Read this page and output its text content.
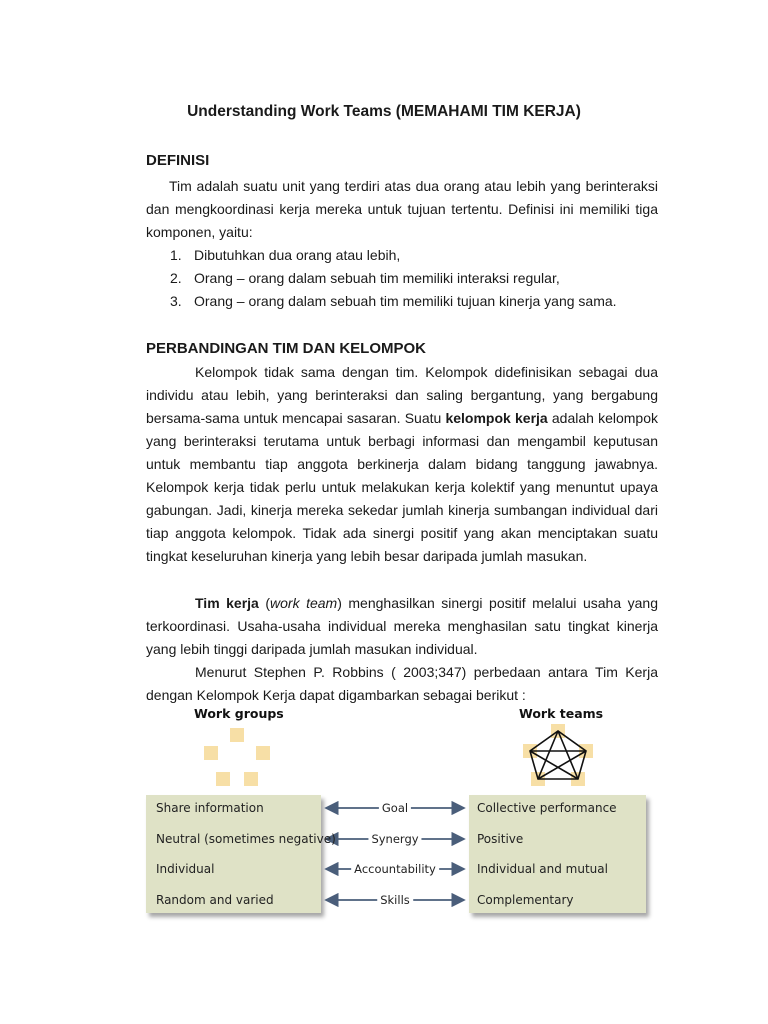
Understanding Work Teams (MEMAHAMI TIM KERJA)
DEFINISI

Tim adalah suatu unit yang terdiri atas dua orang atau lebih yang berinteraksi dan mengkoordinasi kerja mereka untuk tujuan tertentu. Definisi ini memiliki tiga komponen, yaitu:

1. Dibutuhkan dua orang atau lebih,
2. Orang – orang dalam sebuah tim memiliki interaksi regular,
3. Orang – orang dalam sebuah tim memiliki tujuan kinerja yang sama.
PERBANDINGAN TIM DAN KELOMPOK

Kelompok tidak sama dengan tim. Kelompok didefinisikan sebagai dua individu atau lebih, yang berinteraksi dan saling bergantung, yang bergabung bersama-sama untuk mencapai sasaran. Suatu kelompok kerja adalah kelompok yang berinteraksi terutama untuk berbagi informasi dan mengambil keputusan untuk membantu tiap anggota berkinerja dalam bidang tanggung jawabnya. Kelompok kerja tidak perlu untuk melakukan kerja kolektif yang menuntut upaya gabungan. Jadi, kinerja mereka sekedar jumlah kinerja sumbangan individual dari tiap anggota kelompok. Tidak ada sinergi positif yang akan menciptakan suatu tingkat keseluruhan kinerja yang lebih besar daripada jumlah masukan.

Tim kerja (work team) menghasilkan sinergi positif melalui usaha yang terkoordinasi. Usaha-usaha individual mereka menghasilan satu tingkat kinerja yang lebih tinggi daripada jumlah masukan individual.

Menurut Stephen P. Robbins ( 2003;347) perbedaan antara Tim Kerja dengan Kelompok Kerja dapat digambarkan sebagai berikut :

Work groups	Work teams
Share information	Goal	Collective performance
Neutral (sometimes negative)	Synergy	Positive
Individual	Accountability	Individual and mutual
Random and varied	Skills	Complementary
